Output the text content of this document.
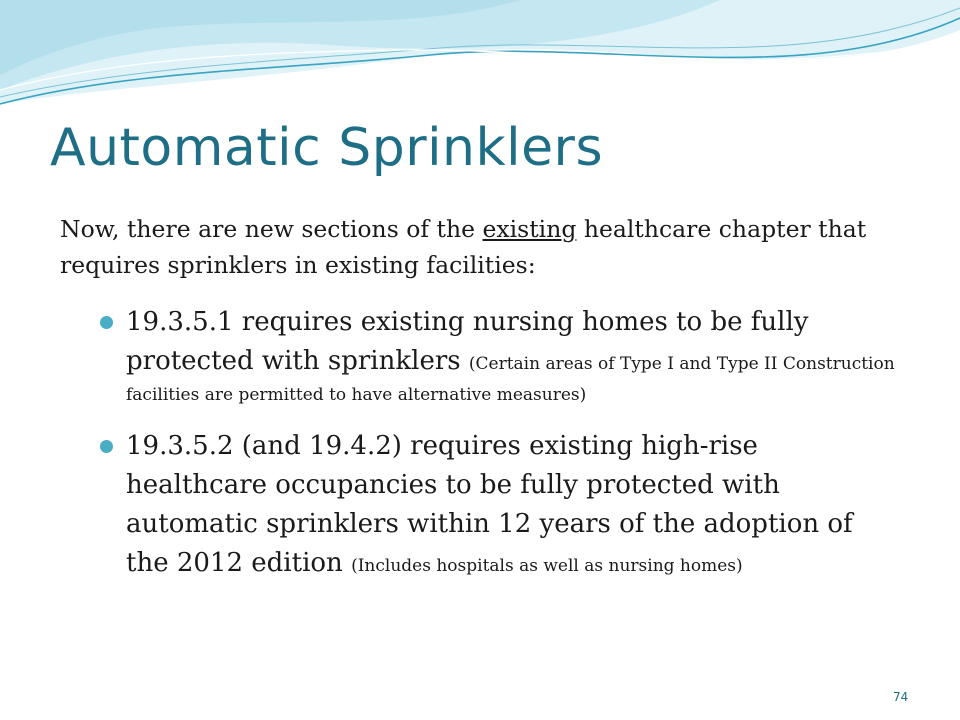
Automatic Sprinklers

Now, there are new sections of the existing healthcare chapter that requires sprinklers in existing facilities:

19.3.5.1 requires existing nursing homes to be fully protected with sprinklers (Certain areas of Type I and Type II Construction facilities are permitted to have alternative measures)
19.3.5.2 (and 19.4.2) requires existing high-rise healthcare occupancies to be fully protected with automatic sprinklers within 12 years of the adoption of the 2012 edition (Includes hospitals as well as nursing homes)
74
